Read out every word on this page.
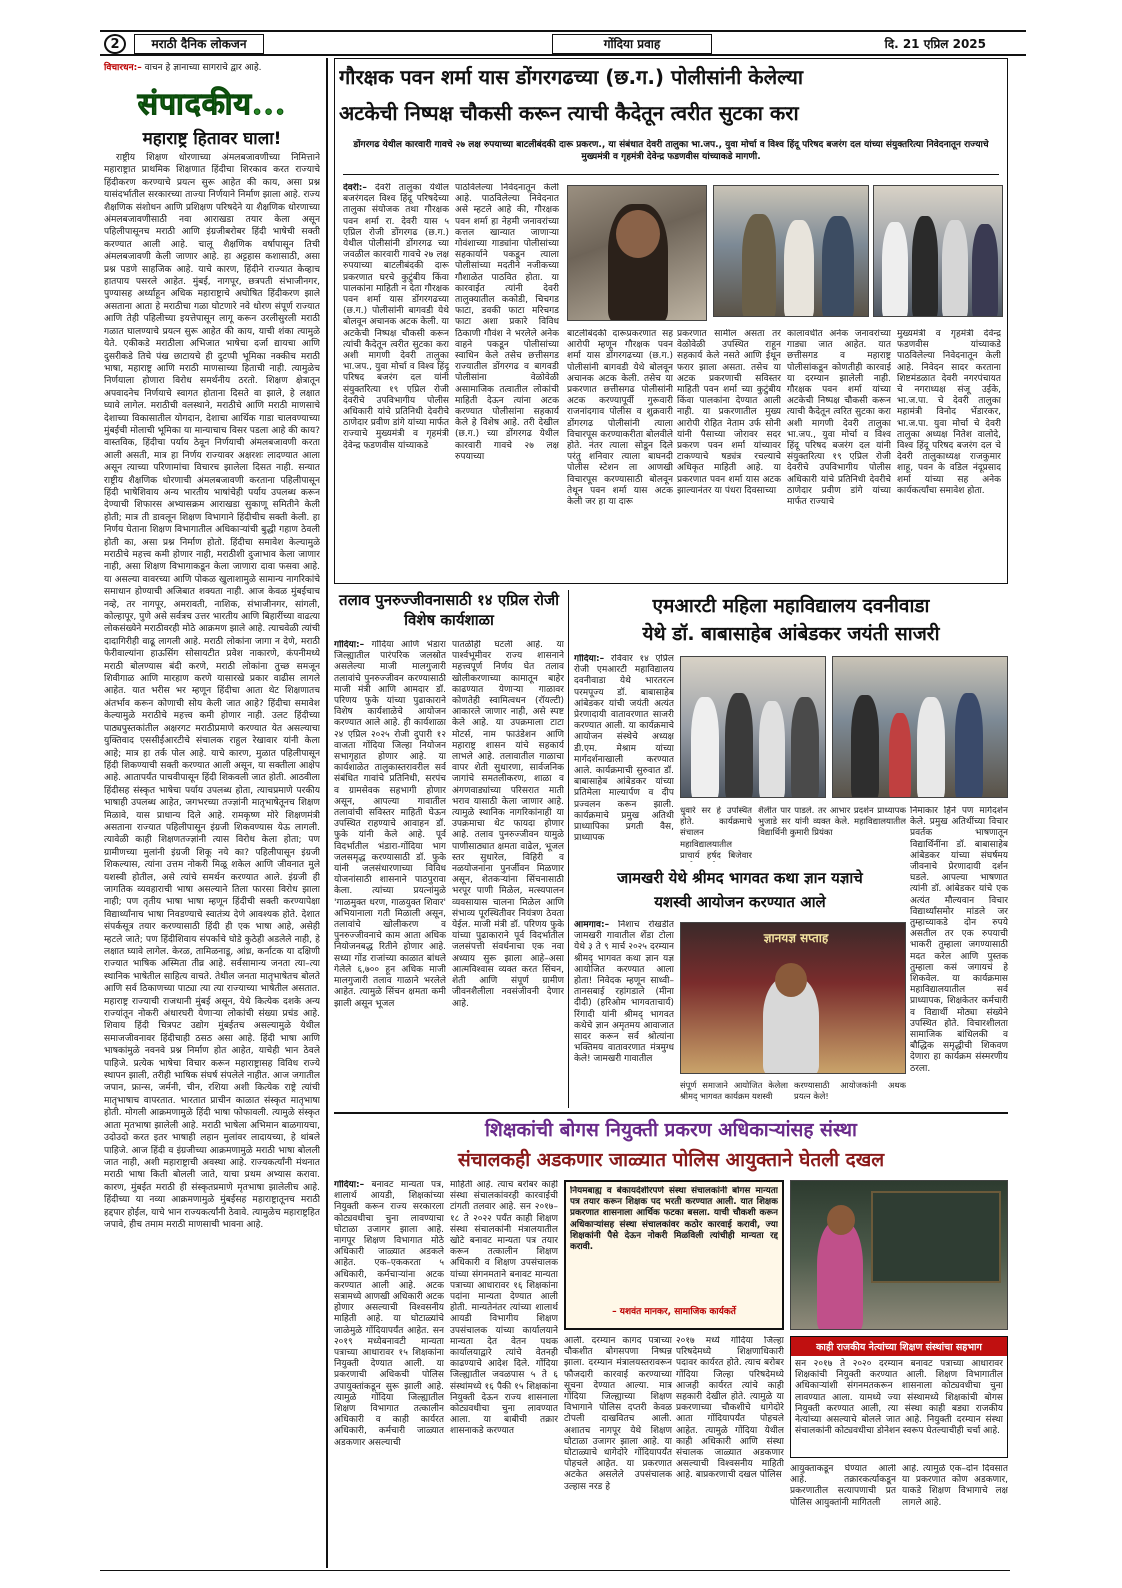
2	मराठी दैनिक लोकजन	गोंदिया प्रवाह	दि. 21 एप्रिल 2025
विचारधन:– वाचन हे ज्ञानाच्या सागराचे द्वार आहे.
संपादकीय...
महाराष्ट्र हितावर घाला!
राष्ट्रीय शिक्षण धोरणाच्या अंमलबजावणीच्या निमित्ताने महाराष्ट्रात प्राथमिक शिक्षणात हिंदीचा शिरकाव करत राज्याचे हिंदीकरण करण्याचे प्रयत्न सुरू आहेत की काय, असा प्रश्न यासंदर्भातील सरकारच्या ताज्या निर्णयाने निर्माण झाला आहे. राज्य शैक्षणिक संशोधन आणि प्रशिक्षण परिषदेने या शैक्षणिक धोरणाच्या अंमलबजावणीसाठी नवा आराखडा तयार केला असून पहिलीपासूनच मराठी आणि इंग्रजीबरोबर हिंदी भाषेची सक्ती करण्यात आली आहे. चालू शैक्षणिक वर्षापासून तिची अंमलबजावणी केली जाणार आहे. हा अट्टहास कशासाठी, असा प्रश्न पडणे साहजिक आहे. याचे कारण, हिंदीने राज्यात केव्हाच हातपाय पसरले आहेत. मुंबई, नागपूर, छत्रपती संभाजीनगर, पुण्यासह अर्ध्याहून अधिक महाराष्ट्राचे अघोषित हिंदीकरण झाले असताना आता हे मराठीचा गळा घोटणारे नवे धोरण संपूर्ण राज्यात आणि तेही पहिलीच्या इयत्तेपासून लागू करून उरलीसुरली मराठी गळात घालण्याचे प्रयत्न सुरू आहेत की काय, याची शंका त्यामुळे येते. एकीकडे मराठीला अभिजात भाषेचा दर्जा द्यायचा आणि दुसरीकडे तिचे पंख छाटायचे ही दुटप्पी भूमिका नक्कीच मराठी भाषा, महाराष्ट्र आणि मराठी माणसाच्या हिताची नाही. त्यामुळेच निर्णयाला होणारा विरोध समर्थनीय ठरतो. शिक्षण क्षेत्रातून अपवादनेच निर्णयाचे स्वागत होताना दिसते वा झाले, हे लक्षात घ्यावे लागेल. मराठीची वलस्थाने, मराठीचे आणि मराठी माणसाचे देशाच्या विकासातील योगदान, देशाचा आर्थिक गाडा चालवण्याच्या मुंबईची मोलाची भूमिका या मान्याचाच विसर पडला आहे की काय? वास्तविक, हिंदीचा पर्याय ठेवून निर्णयाची अंमलबजावणी करता आली असती, मात्र हा निर्णय राज्यावर अक्षरशः लादण्यात आला असून त्याच्या परिणामांचा विचारच झालेला दिसत नाही. सन्यात राष्ट्रीय शैक्षणिक धोरणाची अंमलबजावणी करताना पहिलीपासून हिंदी भाषेशिवाय अन्य भारतीय भाषांचेही पर्याय उपलब्ध करून देण्याची शिफारस अभ्यासक्रम आराखडा सुकाणू समितीने केली होती; मात्र ती डावलून शिक्षण विभागाने हिंदीचीच सक्ती केली. हा निर्णय घेताना शिक्षण विभागातील अधिकाऱ्यांची बुद्धी गहाण ठेवली होती का, असा प्रश्न निर्माण होतो. हिंदीचा समावेश केल्यामुळे मराठीचे महत्त्व कमी होणार नाही, मराठीशी दुजाभाव केला जाणार नाही, असा शिक्षण विभागाकडून केला जाणारा दावा फसवा आहे. या असल्या वावरच्या आणि पोकळ खुलाशामुळे सामान्य नागरिकांचे समाधान होण्याची अजिबात शक्यता नाही. आज केवळ मुंबईचाच नव्हे, तर नागपूर, अमरावती, नाशिक, संभाजीनगर, सांगली, कोल्हापूर, पुणे असे सर्वत्रच उत्तर भारतीय आणि बिहारींच्या वाढत्या लोकसंख्येने मराठीवरही मोठे आक्रमण झाले आहे. त्याचवेळी त्यांची दादागिरीही वाढू लागली आहे. मराठी लोकांना जागा न देणे, मराठी फेरीवाल्यांना हाऊसिंग सोसायटीत प्रवेश नाकारणे, कंपनीमध्ये मराठी बोलण्यास बंदी करणे, मराठी लोकांना तुच्छ समजून शिवीगाळ आणि मारहाण करणे यासारखे प्रकार वाढीस लागले आहेत. यात भरीस भर म्हणून हिंदीचा आता थेट शिक्षणातच अंतर्भाव करून कोणाची सोय केली जात आहे? हिंदीचा समावेश केल्यामुळे मराठीचे महत्त्व कमी होणार नाही. उलट हिंदीच्या पाठ्यपुस्तकांतील अक्षरगट मराठीप्रमाणे करण्यात येत असल्याचा युक्तिवाद एससीईआरटीचे संचालक राहुल रेखावार यांनी केला आहे; मात्र हा तर्क पोल आहे. याचे कारण, मुळात पहिलीपासून हिंदी शिकण्याची सक्ती करण्यात आली असून, या सक्तीला आक्षेप आहे. आतापर्यंत पाचवीपासून हिंदी शिकवली जात होती. आठवीला हिंदीसह संस्कृत भाषेचा पर्याय उपलब्ध होता, त्याचप्रमाणे परकीय भाषाही उपलब्ध आहेत, जगभरच्या तज्ज्ञांनी मातृभाषेतूनच शिक्षण मिळावे, यास प्राधान्य दिले आहे. रामकृष्ण मोरे शिक्षणमंत्री असताना राज्यात पहिलीपासून इंग्रजी शिकवण्यास येऊ लागली. त्यावेळी काही शिक्षणतज्ज्ञांनी त्यास विरोध केला होता; पण ग्रामीणच्या मुलांनी इंग्रजी शिकू नये का? पहिलीपासून इंग्रजी शिकल्यास, त्यांना उत्तम नोकरी मिळू शकेल आणि जीवनात मुले यशस्वी होतील, असे त्यांचे समर्थन करण्यात आले. इंग्रजी ही जागतिक व्यवहाराची भाषा असल्याने तिला फारसा विरोध झाला नाही; पण तृतीय भाषा भाषा म्हणून हिंदीची सक्ती करण्यापेक्षा विद्यार्थ्यांनाच भाषा निवडण्याचे स्वातंत्र्य देणे आवश्यक होते. देशात संपर्कसूत्र तयार करण्यासाठी हिंदी ही एक भाषा आहे, असेही म्हटले जाते; पण हिंदीशिवाय संपर्काचे घोडे कुठेही अडलेले नाही, हे लक्षात घ्यावे लागेल. केरळ, तामिळनाडू, आंध्र, कर्नाटक या दक्षिणी राज्यात भाषिक अस्मिता तीव्र आहे. सर्वसामान्य जनता त्या–त्या स्थानिक भाषेतील साहित्य वाचते. तेथील जनता मातृभाषेतच बोलते आणि सर्व ठिकाणच्या पाट्या त्या त्या राज्याच्या भाषेतील असतात. महाराष्ट्र राज्याची राजधानी मुंबई असून, येथे कित्येक दशके अन्य राज्यांतून नोकरी अंधारघरी येणाऱ्या लोकांची संख्या प्रचंड आहे. शिवाय हिंदी चित्रपट उद्योग मुंबईतच असल्यामुळे येथील समाजजीवनावर हिंदीचाही ठसठ असा आहे. हिंदी भाषा आणि भाषकांमुळे नवनवे प्रश्न निर्माण होत आहेत, याचेही भान ठेवले पाहिजे. प्रत्येक भाषेचा विचार करून महाराष्ट्रासह विविध राज्ये स्थापन झाली, तरीही भाषिक संघर्ष संपलेले नाहीत. आज जगातील जपान, फ्रान्स, जर्मनी, चीन, रशिया अशी कित्येक राष्ट्रे त्यांची मातृभाषाच वापरतात. भारतात प्राचीन काळात संस्कृत मातृभाषा होती. मोगली आक्रमणामुळे हिंदी भाषा फोफावली. त्यामुळे संस्कृत आता मृतभाषा झालेली आहे. मराठी भाषेला अभिमान बाळगायचा, उदोउदो करत इतर भाषाही लहान मुलांवर लादायच्या, हे थांबले पाहिजे. आज हिंदी व इंग्रजीच्या आक्रमणामुळे मराठी भाषा बोलली जात नाही, अशी महाराष्ट्राची अवस्था आहे. राज्यकर्त्यांनी मंथनात मराठी भाषा किती बोलली जाते, याचा प्रथम अभ्यास करावा. कारण, मुंबईत मराठी ही संस्कृतप्रमाणे मृतभाषा झालेलीच आहे. हिंदीच्या या नव्या आक्रमणामुळे मुंबईसह महाराष्ट्रातूनच मराठी हद्दपार होईल, याचे भान राज्यकर्त्यांनी ठेवावे. त्यामुळेच महाराष्ट्रहित जपावे, हीच तमाम मराठी माणसाची भावना आहे.
गौरक्षक पवन शर्मा यास डोंगरगढच्या (छ.ग.) पोलीसांनी केलेल्या
अटकेची निष्पक्ष चौकसी करून त्याची कैदेतून त्वरीत सुटका करा
डोंगरगढ येथील कारवारी गावचे २७ लक्ष रुपयाच्या बाटलीबंदकी दारू प्रकरण., या संबंधात देवरी तालुका भा.जप., युवा मोर्चा व विश्व हिंदू परिषद बजरंग दल यांच्या संयुक्तरित्या निवेदनातून राज्याचे मुख्यमंत्री व गृहमंत्री देवेन्द्र फडणवीस यांच्याकडे मागणी.
देवरी:– देवरी तालुका येथील बजरंगदल विश्व हिंदू परिषदेच्या तालुका संयोजक तथा गौरक्षक पवन शर्मा रा. देवरी यास ५ एप्रिल रोजी डोंगरगढ (छ.ग.) येथील पोलीसांनी डोंगरगढ च्या जवळील कारवारी गावचे २७ लक्ष रुपयाच्या बाटलीबंदकी दारू प्रकरणात घरचे कुटुंबीय किंवा पालकांना माहिती न देता गौरक्षक पवन शर्मा यास डोंगरगढच्या (छ.ग.) पोलीसांनी बागवडी येथे बोलवून अचानक अटक केली. या अटकेची निष्पक्ष चौकसी करून त्यांची कैदेतून त्वरीत सुटका करा अशी मागणी देवरी तालुका भा.जप., युवा मोर्चा व विश्व हिंदू परिषद बजरंग दल यांनी संयुक्तरित्या १९ एप्रिल रोजी देवरीचे उपविभागीय पोलीस अधिकारी यांचे प्रतिनिधी देवरीचे ठाणेदार प्रवीण डांगे यांच्या मार्फत राज्याचे मुख्यमंत्री व गृहमंत्री देवेन्द्र फडणवीस यांच्याकडे
पाठविलेल्या निवेदनातून केली आहे. पाठविलेल्या निवेदनात असे म्हटले आहे की, गौरक्षक पवन शर्मा हा नेहमी जनावरांच्या कत्तल खान्यात जाणाऱ्या गोवंशाच्या गाड्यांना पोलीसांच्या सहकार्याने पकडून त्याला पोलीसांच्या मदतीने नजीकच्या गौशाळेत पाठवित होता. या कारवाईत त्यांनी देवरी तालुक्यातील ककोडी, चिचगड फाटा, डवकी फाटा मरिचगड फाटा अशा प्रकारे विविध ठिकाणी गौवंश ने भरलेले अनेक वाहने पकडून पोलीसांच्या स्वाधिन केले तसेच छत्तीसगड राज्यातील डोंगरगढ व बागवडी पोलीसांना वेळोवेळी असामाजिक तत्वातील लोकांची माहिती देऊन त्यांना अटक करण्यात पोलीसांना सहकार्य केले हे विशेष आहे. तरी देखील (छ.ग.) च्या डोंगरगढ येथील कारवारी गावचे २७ लक्ष रुपयाच्या
बाटलीबंदकी दारूप्रकरणात सह आरोपी म्हणून गौरक्षक पवन शर्मा यास डोंगरगढच्या (छ.ग.) पोलीसांनी बागवडी येथे बोलवून अचानक अटक केली. तसेच या प्रकरणात छत्तीसगढ पोलीसांनी अटक करण्यापूर्वी गुरूवारी राजनांदगाव पोलीस व शुक्रवारी डोंगरगढ पोलीसांनी त्याला विचारपूस करण्याकरीता बोलवीले होते. नंतर त्याला सोडून दिले परंतु शनिवार त्याला बाघनदी पोलीस स्टेशन ला आणखी विचारपूस करण्यासाठी बोलवून तेथून पवन शर्मा यास अटक केली जर हा या दारू
प्रकरणात सामील असता तर वेळोवेळी उपस्थित राहून सहकार्य केले नसते आणि ईथून फरार झाला असता. तसेच या अटक प्रकरणाची सविस्तर माहिती पवन शर्मा च्या कुटुंबीय किंवा पालकांना देण्यात आली नाही. या प्रकरणातील मुख्य आरोपी रोहित नेताम उर्फ सोनी यांनी पैसाच्या जोरावर सदर प्रकरण पवन शर्मा यांच्यावर टाकण्याचे षड्यंत्र रचल्याचे अधिकृत माहिती आहे. या प्रकरणात पवन शर्मा यास अटक झाल्यानंतर या पंधरा दिवसाच्या
कालावधीत अनेक जनावरांच्या गाड्या जात आहेत. यात छत्तीसगड व महाराष्ट्र पोलीसांकडून कोणतीही कारवाई या दरम्यान झालेली नाही. गौरक्षक पवन शर्मा यांच्या अटकेची निष्पक्ष चौकसी करून त्याची कैदेतून त्वरित सुटका करा अशी मागणी देवरी तालुका भा.जप., युवा मोर्चा व विश्व हिंदू परिषद बजरंग दल यांनी संयुक्तरित्या १९ एप्रिल रोजी देवरीचे उपविभागीय पोलीस अधिकारी यांचे प्रतिनिधी देवरीचे ठाणेदार प्रवीण डांगे यांच्या मार्फत राज्याचे
मुख्यमंत्री व गृहमंत्री देवेन्द्र फडणवीस यांच्याकडे पाठविलेल्या निवेदनातून केली आहे. निवेदन सादर करताना शिष्टमंडळात देवरी नगरपंचायत चे नगराध्यक्ष संजू उईके, भा.ज.पा. चे देवरी तालुका महामंत्री विनोद भेंडारकर, भा.ज.पा. युवा मोर्चा चे देवरी तालुका अध्यक्ष नितेश वालोदे, विश्व हिंदू परिषद बजरंग दल चे देवरी तालुकाध्यक्ष राजकुमार शाहू, पवन के वडिल नंदूप्रसाद शर्मा यांच्या सह अनेक कार्यकर्त्यांचा समावेश होता.
तलाव पुनरुज्जीवनासाठी १४ एप्रिल रोजी विशेष कार्यशाळा
गोंदिया:– गोंदिया आणि भंडारा जिल्ह्यातील पारंपरिक जलस्रोत असलेल्या माजी मालगुजारी तलावांचे पुनरुज्जीवन करण्यासाठी माजी मंत्री आणि आमदार डॉ. परिणय फुके यांच्या पुढाकाराने विशेष कार्यशाळेचे आयोजन करण्यात आले आहे. ही कार्यशाळा २४ एप्रिल २०२५ रोजी दुपारी १२ वाजता गोंदिया जिल्हा नियोजन सभागृहात होणार आहे. या कार्यशाळेत तालुकास्तरावरील सर्व संबंधित गावांचे प्रतिनिधी, सरपंच व ग्रामसेवक सहभागी होणार असून, आपल्या गावातील तलावांची सविस्तर माहिती घेऊन उपस्थित राहण्याचे आवाहन डॉ. फुके यांनी केले आहे. पूर्व विदर्भातील भंडारा-गोंदिया भाग जलसमृद्ध करण्यासाठी डॉ. फुके यांनी जलसंधारणाच्या विविध योजनांसाठी शासनाने पाठपुरावा केला. त्यांच्या प्रयत्नांमुळे 'गाळमुक्त धरण, गाळयुक्त शिवार' अभियानाला गती मिळाली असून, तलावांचे खोलीकरण व पुनरुज्जीवनाचे काम आता अधिक नियोजनबद्ध रितीने होणार आहे. सध्या गोंड राजांच्या काळात बांधले गेलेले ६,७०० हून अधिक माजी मालगुजारी तलाव गाळाने भरलेले आहेत. त्यामुळे सिंचन क्षमता कमी झाली असून भूजल
पातळीही घटली आहे. या पार्श्वभूमीवर राज्य शासनाने महत्त्वपूर्ण निर्णय घेत तलाव खोलीकरणाच्या कामातून बाहेर काढण्यात येणाऱ्या गाळावर कोणतेही स्वामित्वधन (रॉयल्टी) आकारले जाणार नाही, असे स्पष्ट केले आहे. या उपक्रमाला टाटा मोटर्स, नाम फाउंडेशन आणि महाराष्ट्र शासन यांचे सहकार्य लाभले आहे. तलावातील गाळाचा वापर शेती सुधारणा, सार्वजनिक जागांचे समतलीकरण, शाळा व अंगणवाड्यांच्या परिसरात माती भराव यासाठी केला जाणार आहे. त्यामुळे स्थानिक नागरिकांनाही या उपक्रमाचा थेट फायदा होणार आहे. तलाव पुनरुज्जीवन यामुळे पाणीसाठ्यात क्षमता वाढेल, भूजल स्तर सुधारेल, विहिरी व नळयोजनांना पुनर्जीवन मिळणार असून, शेतकऱ्यांना सिंचनासाठी भरपूर पाणी मिळेल, मत्स्यपालन व्यवसायास चालना मिळेल आणि संभाव्य पूरस्थितीवर नियंत्रण ठेवता येईल. माजी मंत्री डॉ. परिणय फुके यांच्या पुढाकाराने पूर्व विदर्भातील जलसंपत्ती संवर्धनाचा एक नवा अध्याय सुरू झाला आहे–असा आत्मविश्वास व्यक्त करत सिंचन, शेती आणि संपूर्ण ग्रामीण जीवनशैलीला नवसंजीवनी देणार आहे.
एमआरटी महिला महाविद्यालय दवनीवाडा
येथे डॉ. बाबासाहेब आंबेडकर जयंती साजरी
गोंदिया:– रविवार १४ एप्रिल रोजी एमआरटी महाविद्यालय दवनीवाडा येथे भारतरत्न परमपूज्य डॉ. बाबासाहेब आंबेडकर यांची जयंती अत्यंत प्रेरणादायी वातावरणात साजरी करण्यात आली. या कार्यक्रमाचे आयोजन संस्थेचे अध्यक्ष डी.एम. मेश्राम यांच्या मार्गदर्शनाखाली करण्यात आले. कार्यक्रमाची सुरुवात डॉ. बाबासाहेब आंबेडकर यांच्या प्रतिमेला माल्यार्पण व दीप प्रज्वलन करून झाली. कार्यक्रमाचे प्रमुख अतिथी प्राध्यापिका प्रगती वैस, प्राध्यापक
धुवारे सर हे उपस्थित होते. कार्यक्रमाचे संचालन महाविद्यालयातील प्राचार्य हर्षद बिजेवार
शैलीत पार पाडले. तर आभार प्रदर्शन प्राध्यापक भुजाडे सर यांनी व्यक्त केले. महाविद्यालयातील विद्यार्थिनी कुमारी प्रियंका
निमाकार हिने पण मार्गदर्शन केले. प्रमुख अतिथींच्या विचार प्रवर्तक भाषणातून विद्यार्थिनींना डॉ. बाबासाहेब आंबेडकर यांच्या संघर्षमय जीवनाचे प्रेरणादायी दर्शन घडले. आपल्या भाषणात त्यांनी डॉ. आंबेडकर यांचे एक अत्यंत मौल्यवान विचार विद्यार्थ्यांसमोर मांडले जर तुम्हाच्याकडे दोन रुपये असतील तर एक रुपयाची भाकरी तुम्हाला जगण्यासाठी मदत करेल आणि पुस्तक तुम्हाला कसं जगायचं हे शिकवेल. या कार्यक्रमास महाविद्यालयातील सर्व प्राध्यापक, शिक्षकेतर कर्मचारी व विद्यार्थी मोठ्या संख्येने उपस्थित होते. विचारशीलता सामाजिक बांधिलकी व बौद्धिक समृद्धीची शिकवण देणारा हा कार्यक्रम संस्मरणीय ठरला.
जामखरी येथे श्रीमद भागवत कथा ज्ञान यज्ञाचे
यशस्वी आयोजन करण्यात आले
आमगाव:– निशाच रोखडीत जामखरी गावातील शेंडा टोला येथे ३ ते ९ मार्च २०२५ दरम्यान श्रीमद् भागवत कथा ज्ञान यज्ञ आयोजित करण्यात आला होता! निवेदक म्हणून साध्वी–तानसबाई रहांगडाले (मीना दीदी) (हरिओम भागवताचार्य) रिंगादी यांनी श्रीमद् भागवत कथेचे ज्ञान अमृतमय आवाजात सादर करून सर्व श्रोत्यांना भक्तिमय वातावरणात मंत्रमुग्ध केले! जामखरी गावातील
ज्ञानयज्ञ सप्ताह
संपूर्ण समाजाने आयोजित केलेला श्रीमद् भागवत कार्यक्रम यशस्वी
करण्यासाठी आयोजकांनी अथक प्रयत्न केले!
शिक्षकांची बोगस नियुक्ती प्रकरण अधिकाऱ्यांसह संस्था
संचालकही अडकणार जाळ्यात पोलिस आयुक्ताने घेतली दखल
गोंदिया:– बनावट मान्यता पत्र, शालार्थ आयडी, शिक्षकांच्या नियुक्ती करून राज्य सरकारला कोट्यवधीचा चुना लावण्याचा घोटाळा उजागर झाला आहे. नागपूर शिक्षण विभागात मोठे अधिकारी जाळ्यात अडकले आहेत. एक–एककरता ५ अधिकारी, कर्मचाऱ्यांना अटक करण्यात आली आहे. अटक सत्रामध्ये आणखी अधिकारी अटक होणार असल्याची विश्वसनीय माहिती आहे. या घोटाळ्यांचे जाळेमुळे गोंदियापर्यंत आहेत. सन २०१९ मध्येबनावटी मान्यता पत्राच्या आधारावर १५ शिक्षकांना नियुक्ती देण्यात आली. या प्रकरणाची अधिकची पोलिस उपायुक्तांकडून सुरू झाली आहे. त्यामुळे गोंदिया जिल्ह्यातील शिक्षण विभागात तत्कालीन अधिकारी व काही कार्यरत अधिकारी, कर्मचारी जाळ्यात अडकणार असल्याची
माहिती आहे. त्याच बरोबर काही संस्था संचालकांवरही कारवाईची टांगती तलवार आहे. सन २०१७–१८ ते २०२२ पर्यंत काही शिक्षण संस्था संचालकांनी मंत्रालयातील खोटे बनावट मान्यता पत्र तयार करून तत्कालीन शिक्षण अधिकारी व शिक्षण उपसंचालक यांच्या संगनमताने बनावट मान्यता पत्राच्या आधारावर १६ शिक्षकांना पदांना मान्यता देण्यात आली होती. मान्यतेनंतर त्यांच्या शालार्थ आयडी विभागीय शिक्षण उपसंचालक यांच्या कार्यालयाने मान्यता देत वेतन पथक कार्यालयाद्वारे त्यांचे वेतनही काढण्याचे आदेश दिले. गोंदिया जिल्ह्यातील जवळपास ५ ते ६ संस्थांमध्ये १६ पैकी १५ शिक्षकांना नियुक्ती देऊन राज्य शासनाला कोट्यवधीचा चुना लावण्यात आला. या बाबीची तक्रार शासनाकडे करण्यात
नियमबाह्य व बेकायदेशीरपणे संस्था संचालकांनी बोगस मान्यता पत्र तयार करून शिक्षक पद भरती करण्यात आली. यात शिक्षक प्रकरणात शासनाला आर्थिक फटका बसला. याची चौकशी करून अधिकाऱ्यांसह संस्था संचालकांवर कठोर कारवाई करावी, ज्या शिक्षकांनी पैसे देऊन नोकरी मिळविली त्यांचीही मान्यता रद्द करावी.
– यशवंत मानकर, सामाजिक कार्यकर्ते
आली. दरम्यान कागद पत्राच्या चौकशीत बोगसपणा निष्पन्न झाला. दरम्यान मंत्रालयस्तरावरून फौजदारी कारवाई करण्याच्या सूचना देण्यात आल्या. मात्र गोंदिया जिल्ह्याच्या शिक्षण विभागाने पोलिस दप्तरी केवळ टोपली दाखवितच आली. अशातच नागपूर येथे शिक्षण घोटाळा उजागर झाला आहे. या घोटाळ्याचे धागेदोरे गोंदियापर्यंत पोहचले आहेत. या प्रकरणात अटकेत असलेले उपसंचालक उल्हास नरड हे
२०१७ मध्ये गोंदिया जिल्हा परिषदेमध्ये शिक्षणाधिकारी पदावर कार्यरत होते. त्याच बरोबर गोंदिया जिल्हा परिषदेमध्ये आजही कार्यरत त्यांचे काही सहकारी देखील होते. त्यामुळे या प्रकरणाच्या चौकशीचे धागेदोरे आता गोंदियापर्यंत पोहचले आहेत. त्यामुळे गोंदिया येथील काही अधिकारी आणि संस्था संचालक जाळ्यात अडकणार असल्याची विश्वसनीय माहिती आहे. बाप्रकरणाची दखल पोलिस
काही राजकीय नेत्यांच्या शिक्षण संस्थांचा सहभाग
सन २०१७ ते २०२० दरम्यान बनावट पत्राच्या आधारावर शिक्षकांची नियुक्ती करण्यात आली. शिक्षण विभागातील अधिकाऱ्यांशी संगनमतकरून शासनाला कोट्यवधीचा चुना लावण्यात आला. यामध्ये ज्या संस्थामध्ये शिक्षकांची बोगस नियुक्ती करण्यात आली, त्या संस्था काही बड्या राजकीय नेत्यांच्या असल्याचे बोलले जात आहे. नियुक्ती दरम्यान संस्था संचालकांनी कोट्यवधीचा डोनेशन स्वरूप घेतल्याचीही चर्चा आहे.
आयुक्ताकडून घेण्यात आली आहे. तक्रारकर्त्याकडून प्रकरणातील सत्यापणाची प्रत पोलिस आयुक्तांनी मागितली
आहे. त्यामुळे एक–दोन दिवसात या प्रकरणात कोण अडकणार, याकडे शिक्षण विभागाचे लक्ष लागले आहे.
